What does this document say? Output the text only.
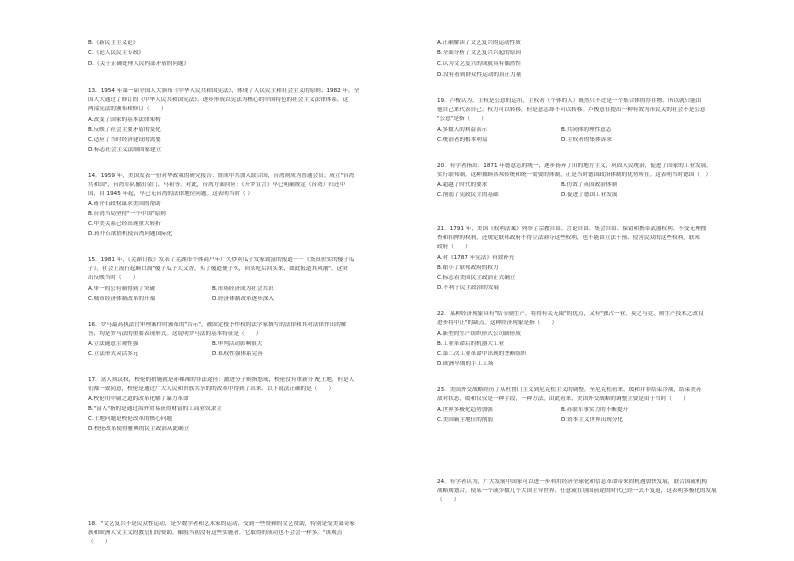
B.《新民主主义论》
C.《论人民民主专政》
D.《关于正确处理人民内部矛盾的问题》
13．1954 年第一届全国人大颁布《中华人民共和国宪法》，体现了人民民主和社会主义的原则；1982 年，全
国人大通过了修订的《中华人民共和国宪法》，逐步形成以宪法为核心的中国特色的社会主义法律体系。这
两部宪法的颁布和修订（　　）
A.改变了国家的基本法律架构
B.反映了社会主要矛盾的变化
C.适应了当时经济建设的需要
D.标志社会主义法制国家建立
14．1959 年，美国发表一份对华政策的研究报告：赞成中共加入联合国，台湾则成为普通会员；成立"台湾
共和国"，台湾军队撤出金门、马祖等。对此，台湾方面回应：《开罗宣言》早已明确规定（台湾）归还中
国，自 1945 年起，早已无台湾的法律地位问题。这表明当时（ ）
A.蒋介石政权谋求美国的帮助
B.台湾当局坚持"一个中国"原则
C.中美关系已经出现重大转折
D.蒋介石欲借机使台湾问题国际化
15．1981 年，《芜湖日报》发表了芜湖市个体商户年广久炒卖瓜子发家致富的报道－－《货真价实的傻子瓜
子》，社会上流行起顺口溜"傻子瓜子大又香，买了傻道便子买，回头吃后回头来，如此报道其风潮"。这突
出反映当时（　　）
A.单一的公有制得到了突破	B.市场经济成为社会共识
C.城市经济体制改革的开端	D.经济体制改革逐步深入
16．罗马最高执法官审理案件时颁布的"告示"，被固定授予作权的法学家撰写的法律和其对法律作出的解
答，均是罗马法的重要表现形式。这说明罗马法的基本特征是（　　）
A.立法随意主观性强	B.审判活动影响很大
C.立法形式灵活多元	D.私权性强体系完善
17．富人执议权，校伦的措施就是赤裸裸的非法途径：激进分子则指怒戒，校伦没有重新分 配土地，但是人
们都一致同意，校伦是通过广大人民和贵族共享的的改革中得到了出来。以下说法正确的是（　　）
A.校伦用中庸之道的改革化解了暴力革命
B."富人"指的是通过海外贸易获得财富的工商业奴隶主
C.土地问题是校伦改革的核心问题
D.校伦改革使得雅典的民主政治从此确立
18．"文艺复兴不是民众性运动，是少数学者和艺术家的运动，受到一些赞赖的文艺赞助，特别是受美第奇家
族和欧洲人文主义的教皇们的赞助。佩脱当初没有这些实施者，它取得的成功也不会会一样多。"该观点
（　　）
A.正确解读了文艺复兴的运动性质
B.全面分析了文艺复兴兴起的原因
C.认为文艺复兴的成就具有偶然性
D.没有看到群众性运动的真正力量
19．卢梭认为，主权是公意的运用，主权者（个体的人）既然只不过是一个集合体的存在物，所以就只能由
他自己来代表自己；权力可以转移，但是意志却不可以转移。卢梭意在提出一种有效为市民关的社会不是公意
"公意"是指（　　）
A.多数人的利益表示	B.共同体的理性意志
C.统治者的根本利益	D.主权者的集体诉求
20．有学者指出：1871 年德意志的统一，逐步扬弃了旧的地方主义，巩固人民统治，促进了国家的工业发展。
实行联邦制，这种兼顾各邦传统和统一需要的体制，正是当时德国政治体制的优势所在。这表明当时德国（　）
A.超越了时代的要求	B.仿效了英国政治体制
C.削弱了宪政民主的基础	D.促进了德国工业发展
21．1791 年，美国《权利法案》列举了宗教自由、言论自由、集会自由、保留和携带武器权利、不受无理搜
查和扣押的权利，还规定联邦政府不得立法剥夺这些权利，也不能由立法干预、侵害民众的这些权利，联邦
政府（　　）
A.对《1787 年宪法》有效补充
B.缩小了联邦政府的权力
C.标志着美国民主政治正式确立
D.不利于民主政治的发展
22．某种经济现象具有"结节制生产，将得有关无限"的优点，又有"独占一业，莫之与竞，则生产技术之改良
进步将中止"的缺点。这种经济现象是指（　　）
A.新型的生产组织形式公司制形成
B.工业革命后的机器大工业
C.第二次工业革命中出现的垄断组织
D.欧洲早期的手工工场
23．美国外交战略经历了从杜鲁门主义到尼克松主义的调整，至尼克松看来，缓和并非结束冷战，结束美苏
敌对状态，缓和仅仅是一种手段，一种方法，由此看来，美国外交战略的调整主要是由于当时（　　）
A.世界多极化趋势加强	B.苏联军事实力的不断提升
C.美国霸主地位的削弱	D.资本主义世界出现分化
24．有学者认为，广大发展中国家可以进一步利用经济全球化和信息革命带来的机遇加快发展，联合国或机构
战略规划合，使某一个或少数几个大国主导世界、任意或在别国前途的时代已经一去不复返，这表明多极化的发展
（　　）
